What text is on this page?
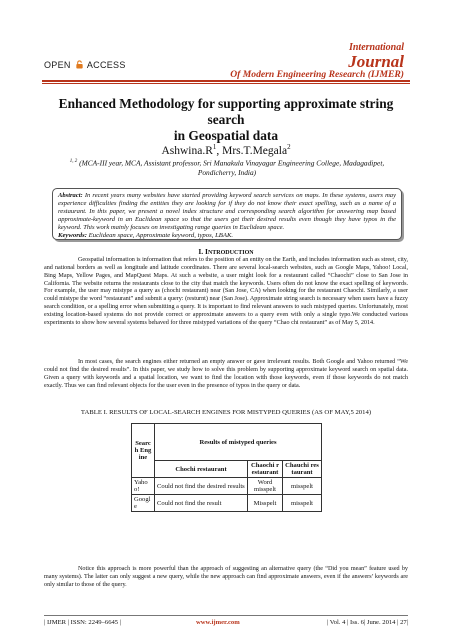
OPEN ACCESS
International
Journal
Of Modern Engineering Research (IJMER)
Enhanced Methodology for supporting approximate string search
in Geospatial data
$Ashwina.R^1$, Mrs.T.Megala$^2$
$^{1, 2}$ (MCA-III year, MCA, Assistant professor, Sri Manakula Vinayagar Engineering College, Madagadipet,
Pondicherry, India)
Abstract: In recent years many websites have started providing keyword search services on maps. In these systems, users may experience difficulties finding the entities they are looking for if they do not know their exact spelling, such as a name of a restaurant. In this paper, we present a novel index structure and corresponding search algorithm for answering map based approximate-keyword in an Euclidean space so that the users get their desired results even though they have typos in the keyword. This work mainly focuses on investigating range queries in Euclidean space.
Keywords: Euclidean space, Approximate keyword, typos, LBAK.
I. INTRODUCTION
Geospatial information is information that refers to the position of an entity on the Earth, and includes information such as street, city, and national borders as well as longitude and latitude coordinates. There are several local-search websites, such as Google Maps, Yahoo! Local, Bing Maps, Yellow Pages, and MapQuest Maps. At such a website, a user might look for a restaurant called “Chaochi” close to San Jose in California. The website returns the restaurants close to the city that match the keywords. Users often do not know the exact spelling of keywords. For example, the user may mistype a query as (chochi restaurant) near (San Jose, CA) when looking for the restaurant Chaochi. Similarly, a user could mistype the word “restaurant” and submit a query: (resturnt) near (San Jose). Approximate string search is necessary when users have a fuzzy search condition, or a spelling error when submitting a query. It is important to find relevant answers to such mistyped queries. Unfortunately, most existing location-based systems do not provide correct or approximate answers to a query even with only a single typo.We conducted various experiments to show how several systems behaved for three mistyped variations of the query “Chao chi restaurant” as of May 5, 2014.
In most cases, the search engines either returned an empty answer or gave irrelevant results. Both Google and Yahoo returned “We could not find the desired results”. In this paper, we study how to solve this problem by supporting approximate keyword search on spatial data. Given a query with keywords and a spatial location, we want to find the location with those keywords, even if those keywords do not match exactly. Thus we can find relevant objects for the user even in the presence of typos in the query or data.
TABLE I. RESULTS OF LOCAL-SEARCH ENGINES FOR MISTYPED QUERIES (AS OF MAY,5 2014)
Search Engine	Results of mistyped queries		
	Chochi restaurant	Chaochi restaurant	Chauchi restaurant
Yahoo!	Could not find the desired results	Word misspelt	misspelt
Google	Could not find the result	Misspelt	misspelt
Notice this approach is more powerful than the approach of suggesting an alternative query (the “Did you mean” feature used by many systems). The latter can only suggest a new query, while the new approach can find approximate answers, even if the answers’ keywords are only similar to those of the query.
| IJMER | ISSN: 2249–6645 |	www.ijmer.com	| Vol. 4 | Iss. 6| June. 2014 | 27|
